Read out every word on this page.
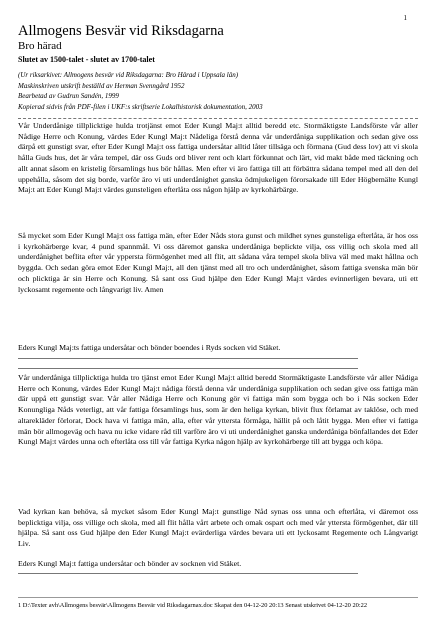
1
Allmogens Besvär vid Riksdagarna
Bro härad
Slutet av 1500-talet - slutet av 1700-talet
(Ur riksarkivet: Allmogens besvär vid Riksdagarna: Bro Härad i Uppsala län)
Maskinskriven utskrift beställd av Herman Svenngård 1952
Bearbetad av Gudrun Sandén, 1999
Kopierad sidvis från PDF-filen i UKF:s skriftserie Lokalhistorisk dokumentation, 2003

Vår Underdånige tillplicktige hulda trotjänst emot Eder Kungl Maj:t alltid beredd etc. Stormäktigste Landsförste vår aller Nådige Herre och Konung, värdes Eder Kungl Maj:t Nådeliga förstå denna vår underdåniga supplikation och sedan give oss därpå ett gunstigt svar, efter Eder Kungl Maj:t oss fattiga undersåtar alltid låter tillsäga och förmana (Gud dess lov) att vi skola hålla Guds hus, det är våra tempel, där oss Guds ord bliver rent och klart förkunnat och lärt, vid makt både med täckning och allt annat såsom en kristelig församlings hus bör hållas. Men efter vi äro fattiga till att förbättra sådana tempel med all den del uppehålla, såsom det sig borde, varför äro vi uti underdånighet ganska ödmjukeligen förorsakade till Eder Högbemälte Kungl Maj:t att Eder Kungl Maj:t värdes gunsteligen efterlåta oss någon hjälp av kyrkohärbärge.

Så mycket som Eder Kungl Maj:t oss fattiga män, efter Eder Nåds stora gunst och mildhet synes gunsteliga efterlåta, är hos oss i kyrkohärberge kvar, 4 pund spannmål. Vi oss däremot ganska underdåniga beplickte vilja, oss villig och skola med all underdånighet beflita efter vår yppersta förmögenhet med all flit, att sådana våra tempel skola bliva väl med makt hållna och byggda. Och sedan göra emot Eder Kungl Maj:t, all den tjänst med all tro och underdånighet, såsom fattiga svenska män bör och plicktiga är sin Herre och Konung. Så sant oss Gud hjälpe den Eder Kungl Maj:t värdes evinnerligen bevara, uti ett lyckosamt regemente och långvarigt liv. Amen

Eders Kungl Maj:ts fattiga undersåtar och bönder boendes i Ryds socken vid Stäket.

Vår underdåniga tillplicktiga hulda tro tjänst emot Eder Kungl Maj:t alltid beredd Stormäktigaste Landsförste vår aller Nådiga Herre och Konung, värdes Eder Kungl Maj:t nådiga förstå denna vår underdåniga supplikation och sedan give oss fattiga män där uppå ett gunstigt svar. Vår aller Nådiga Herre och Konung gör vi fattiga män som bygga och bo i Näs socken Eder Konungliga Nåds veterligt, att vår fattiga församlings hus, som är den heliga kyrkan, blivit flux förlamat av taklöse, och med altarekläder förlorat, Dock hava vi fattiga män, alla, efter vår yttersta förmåga, hällit på och låtit bygga. Men efter vi fattiga män bör allmogeväg och hava nu icke vidare råd till varföre äro vi uti underdånighet ganska underdånigа bönfallandes det Eder Kungl Maj:t värdes unna och efterlåta oss till vår fattiga Kyrka någon hjälp av kyrkohärberge till att bygga och köpa.

Vad kyrkan kan behöva, så mycket såsom Eder Kungl Maj:t gunstlige Nåd synas oss unna och efterlåta, vi däremot oss beplicktiga vilja, oss villige och skola, med all flit hålla vårt arbete och omak ospart och med vår yttersta förmögenhet, där till hjälpa. Så sant oss Gud hjälpe den Eder Kungl Maj:t evärderliga värdes bevara uti ett lyckosamt Regemente och Långvarigt Liv.

Eders Kungl Maj:t fattiga undersåtar och bönder av socknen vid Stäket.
1 D:\Texter avh\Allmogens besvär\Allmogens Besvär vid Riksdagarnax.doc Skapat den 04-12-20 20:13 Senast utskrivet 04-12-20 20:22
